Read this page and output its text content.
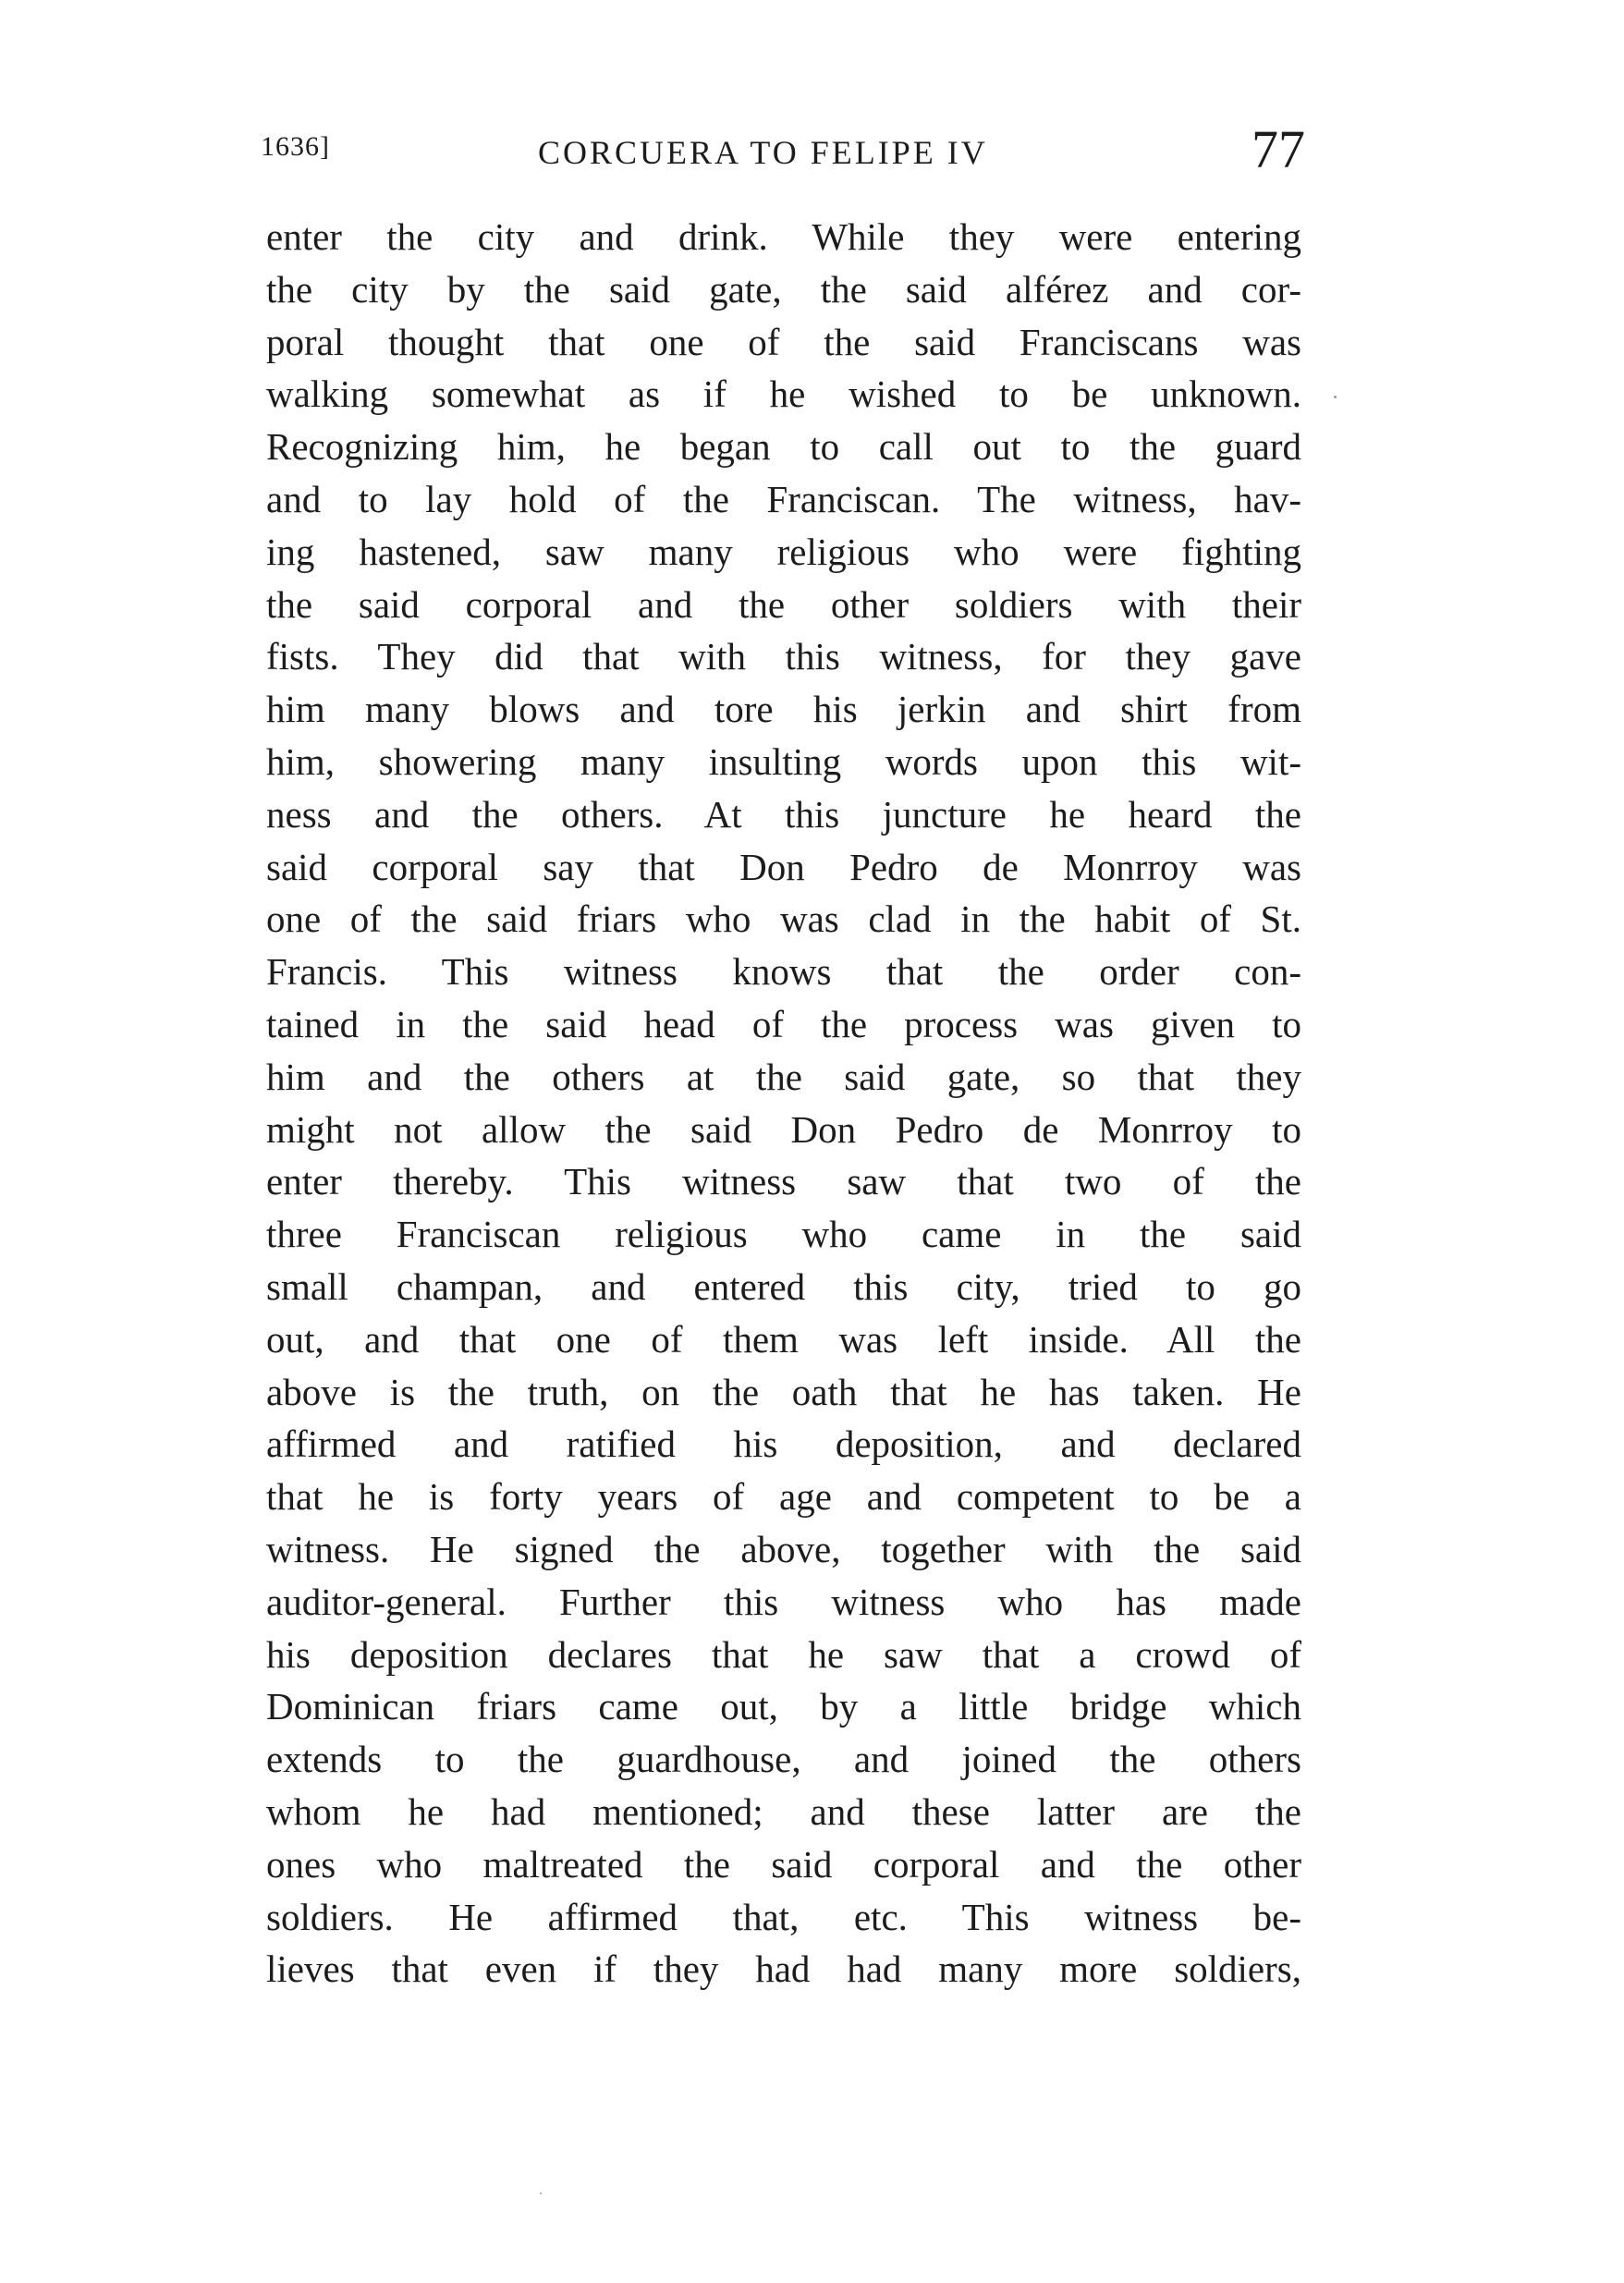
1636]	CORCUERA TO FELIPE IV	77
enter the city and drink. While they were entering
the city by the said gate, the said alférez and cor-
poral thought that one of the said Franciscans was
walking somewhat as if he wished to be unknown.
Recognizing him, he began to call out to the guard
and to lay hold of the Franciscan. The witness, hav-
ing hastened, saw many religious who were fighting
the said corporal and the other soldiers with their
fists. They did that with this witness, for they gave
him many blows and tore his jerkin and shirt from
him, showering many insulting words upon this wit-
ness and the others. At this juncture he heard the
said corporal say that Don Pedro de Monrroy was
one of the said friars who was clad in the habit of St.
Francis. This witness knows that the order con-
tained in the said head of the process was given to
him and the others at the said gate, so that they
might not allow the said Don Pedro de Monrroy to
enter thereby. This witness saw that two of the
three Franciscan religious who came in the said
small champan, and entered this city, tried to go
out, and that one of them was left inside. All the
above is the truth, on the oath that he has taken. He
affirmed and ratified his deposition, and declared
that he is forty years of age and competent to be a
witness. He signed the above, together with the said
auditor-general. Further this witness who has made
his deposition declares that he saw that a crowd of
Dominican friars came out, by a little bridge which
extends to the guardhouse, and joined the others
whom he had mentioned; and these latter are the
ones who maltreated the said corporal and the other
soldiers. He affirmed that, etc. This witness be-
lieves that even if they had had many more soldiers,
